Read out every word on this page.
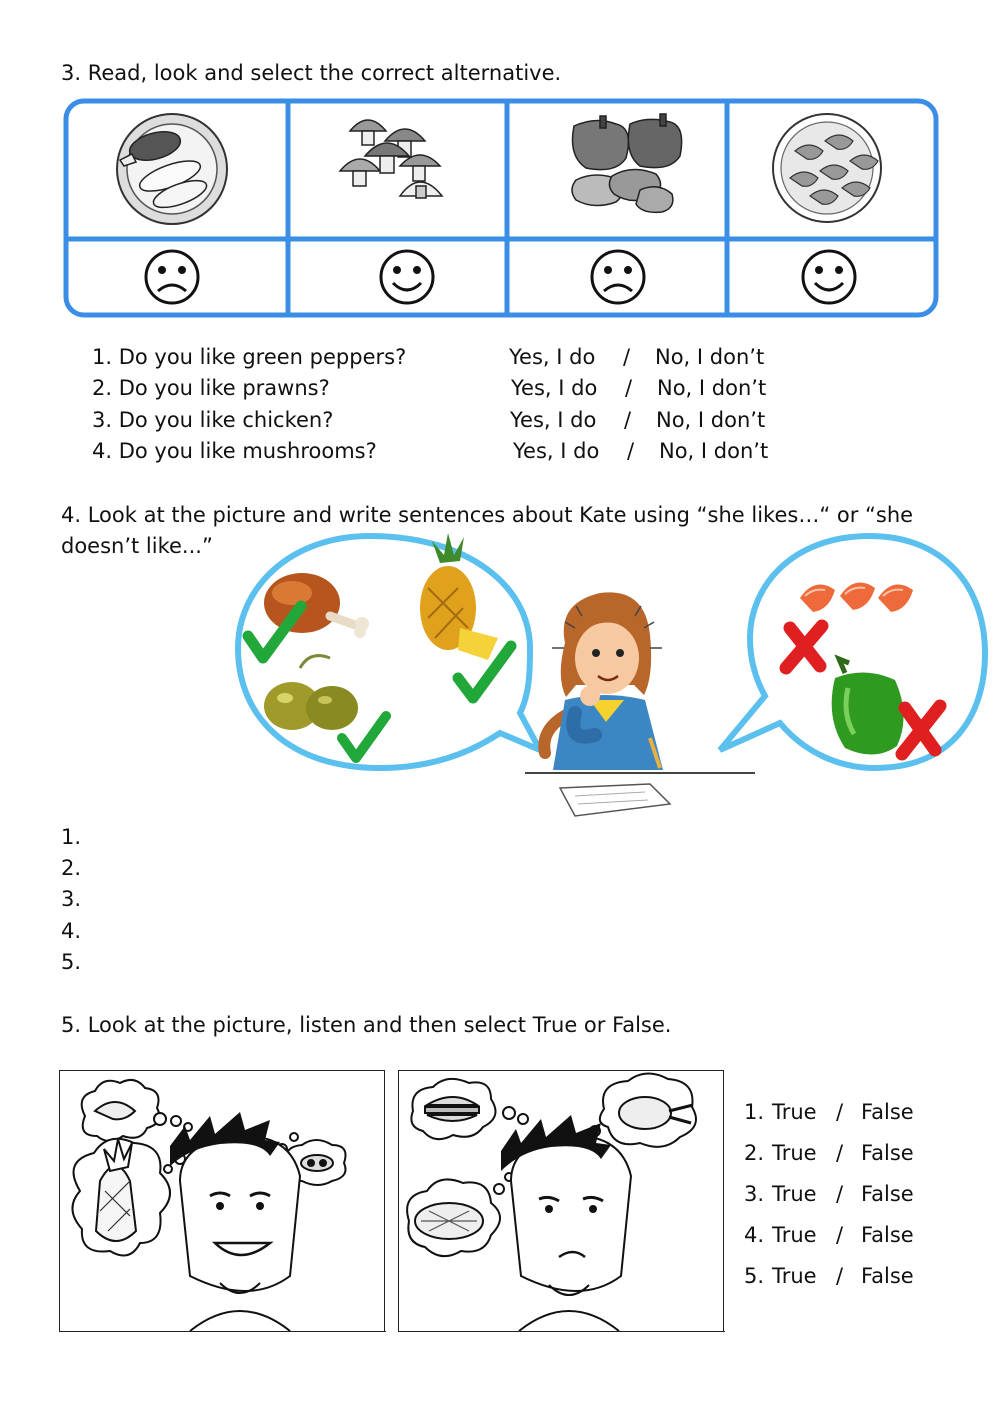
3. Read, look and select the correct alternative.
1. Do you like green peppers?	Yes, I do / No, I don’t
2. Do you like prawns?	Yes, I do / No, I don’t
3. Do you like chicken?	Yes, I do / No, I don’t
4. Do you like mushrooms?	Yes, I do / No, I don’t
4. Look at the picture and write sentences about Kate using “she likes…“ or “she
doesn’t like...”
1.
2.
3.
4.
5.
5. Look at the picture, listen and then select True or False.
1. True / False
2. True / False
3. True / False
4. True / False
5. True / False
